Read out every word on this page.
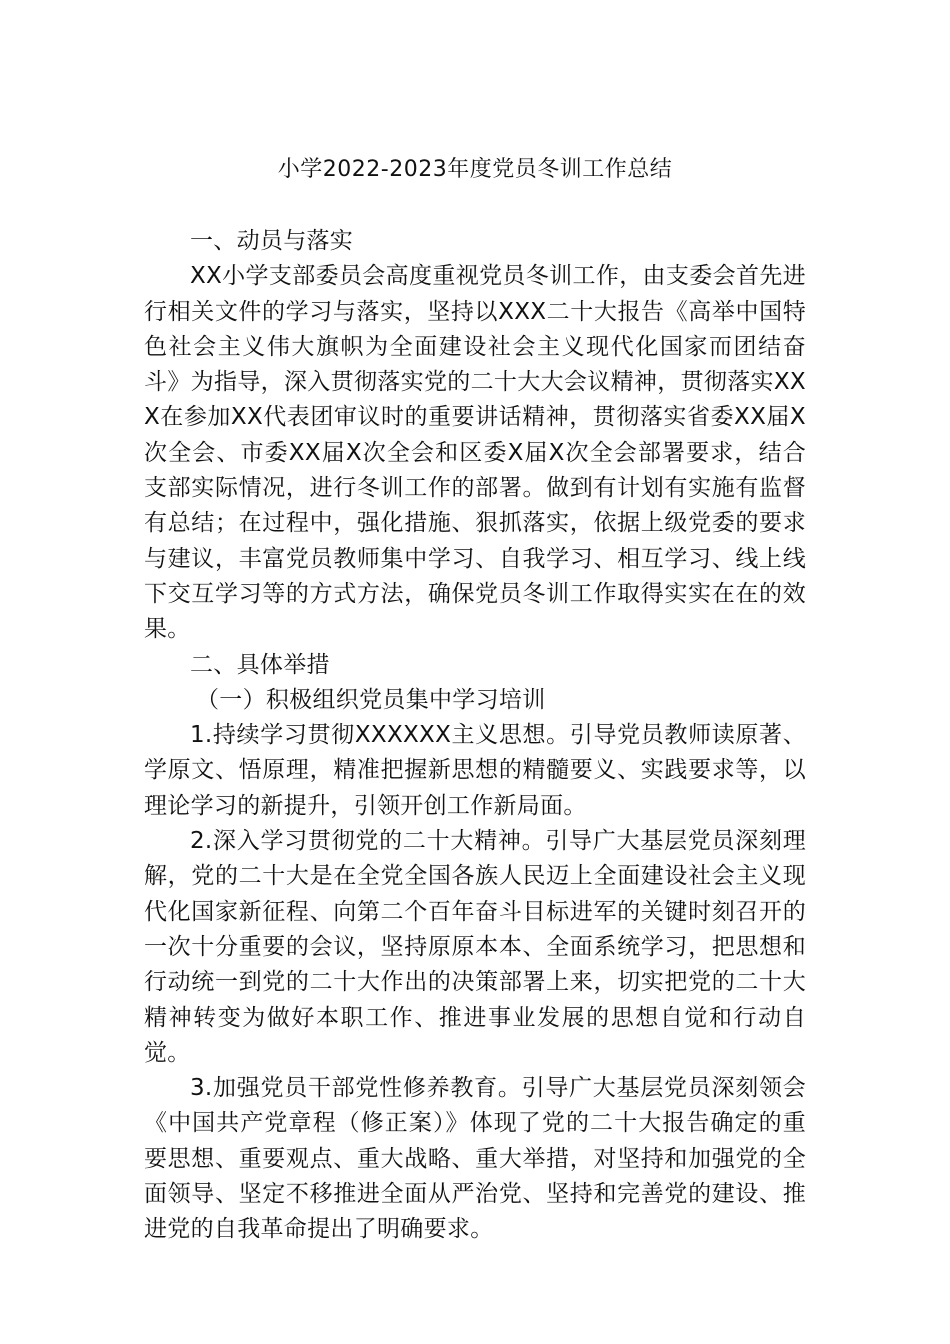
小学2022-2023年度党员冬训工作总结

一、动员与落实

XX小学支部委员会高度重视党员冬训工作，由支委会首先进行相关文件的学习与落实，坚持以XXX二十大报告《高举中国特色社会主义伟大旗帜为全面建设社会主义现代化国家而团结奋斗》为指导，深入贯彻落实党的二十大大会议精神，贯彻落实XXX在参加XX代表团审议时的重要讲话精神，贯彻落实省委XX届X次全会、市委XX届X次全会和区委X届X次全会部署要求，结合支部实际情况，进行冬训工作的部署。做到有计划有实施有监督有总结；在过程中，强化措施、狠抓落实，依据上级党委的要求与建议，丰富党员教师集中学习、自我学习、相互学习、线上线下交互学习等的方式方法，确保党员冬训工作取得实实在在的效果。

二、具体举措

（一）积极组织党员集中学习培训

1.持续学习贯彻XXXXXX主义思想。引导党员教师读原著、学原文、悟原理，精准把握新思想的精髓要义、实践要求等，以理论学习的新提升，引领开创工作新局面。

2.深入学习贯彻党的二十大精神。引导广大基层党员深刻理解，党的二十大是在全党全国各族人民迈上全面建设社会主义现代化国家新征程、向第二个百年奋斗目标进军的关键时刻召开的一次十分重要的会议，坚持原原本本、全面系统学习，把思想和行动统一到党的二十大作出的决策部署上来，切实把党的二十大精神转变为做好本职工作、推进事业发展的思想自觉和行动自觉。

3.加强党员干部党性修养教育。引导广大基层党员深刻领会《中国共产党章程（修正案）》体现了党的二十大报告确定的重要思想、重要观点、重大战略、重大举措，对坚持和加强党的全面领导、坚定不移推进全面从严治党、坚持和完善党的建设、推进党的自我革命提出了明确要求。
